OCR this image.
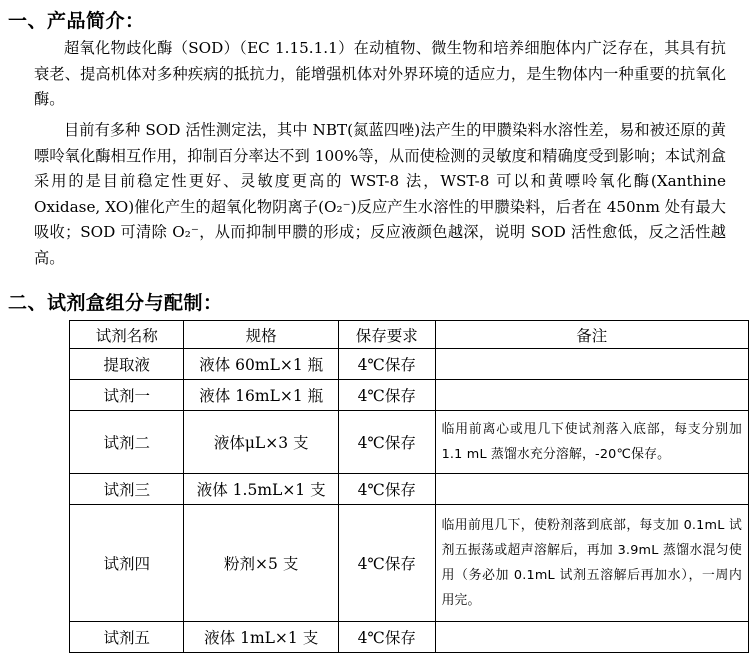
一、产品简介：
超氧化物歧化酶（SOD）（EC 1.15.1.1）在动植物、微生物和培养细胞体内广泛存在，其具有抗衰老、提高机体对多种疾病的抵抗力，能增强机体对外界环境的适应力，是生物体内一种重要的抗氧化酶。
目前有多种 SOD 活性测定法，其中 NBT(氮蓝四唑)法产生的甲臜染料水溶性差，易和被还原的黄嘌呤氧化酶相互作用，抑制百分率达不到 100%等，从而使检测的灵敏度和精确度受到影响；本试剂盒采用的是目前稳定性更好、灵敏度更高的 WST-8 法，WST-8 可以和黄嘌呤氧化酶(Xanthine Oxidase, XO)催化产生的超氧化物阴离子(O₂⁻)反应产生水溶性的甲臜染料，后者在 450nm 处有最大吸收；SOD 可清除 O₂⁻，从而抑制甲臜的形成；反应液颜色越深，说明 SOD 活性愈低，反之活性越高。
二、试剂盒组分与配制：
试剂名称	规格	保存要求	备注
提取液	液体 60mL×1 瓶	4℃保存	
试剂一	液体 16mL×1 瓶	4℃保存	
试剂二	液体μL×3 支	4℃保存	临用前离心或甩几下使试剂落入底部，每支分别加 1.1 mL 蒸馏水充分溶解，-20℃保存。
试剂三	液体 1.5mL×1 支	4℃保存	
试剂四	粉剂×5 支	4℃保存	临用前甩几下，使粉剂落到底部，每支加 0.1mL 试剂五振荡或超声溶解后，再加 3.9mL 蒸馏水混匀使用（务必加 0.1mL 试剂五溶解后再加水），一周内用完。
试剂五	液体 1mL×1 支	4℃保存	
